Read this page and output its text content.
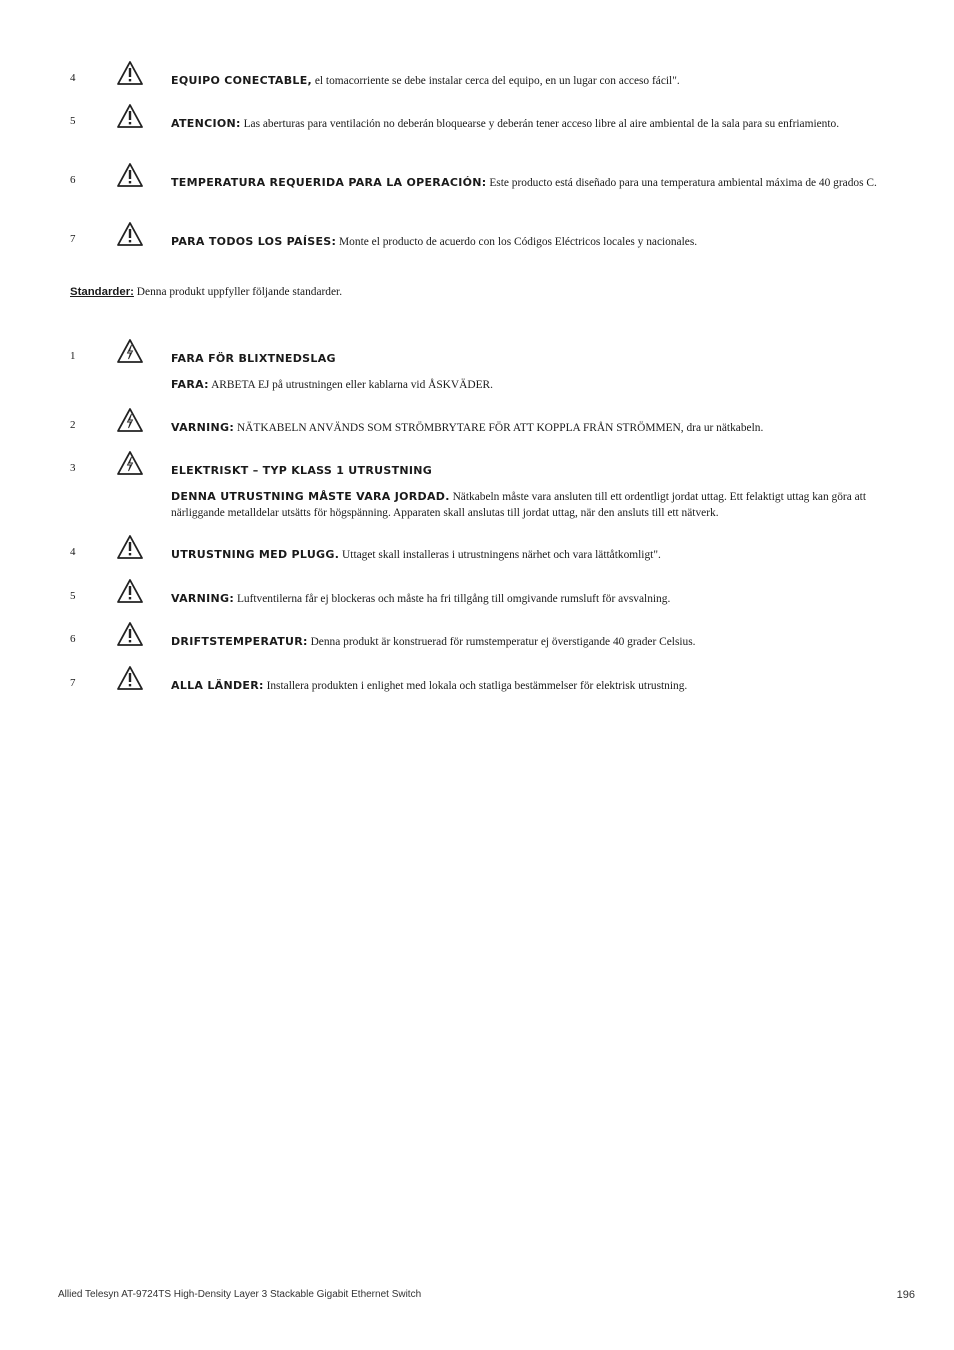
4	EQUIPO CONECTABLE, el tomacorriente se debe instalar cerca del equipo, en un lugar con acceso fácil".
5	ATENCION: Las aberturas para ventilación no deberán bloquearse y deberán tener acceso libre al aire ambiental de la sala para su enfriamiento.
6	TEMPERATURA REQUERIDA PARA LA OPERACIÓN: Este producto está diseñado para una temperatura ambiental máxima de 40 grados C.
7	PARA TODOS LOS PAÍSES: Monte el producto de acuerdo con los Códigos Eléctricos locales y nacionales.
Standarder: Denna produkt uppfyller följande standarder.
1	FARA FÖR BLIXTNEDSLAG
FARA: ARBETA EJ på utrustningen eller kablarna vid ÅSKVÄDER.
2	VARNING: NÄTKABELN ANVÄNDS SOM STRÖMBRYTARE FÖR ATT KOPPLA FRÅN STRÖMMEN, dra ur nätkabeln.
3	ELEKTRISKT – TYP KLASS 1 UTRUSTNING
DENNA UTRUSTNING MÅSTE VARA JORDAD. Nätkabeln måste vara ansluten till ett ordentligt jordat uttag. Ett felaktigt uttag kan göra att närliggande metalldelar utsätts för högspänning. Apparaten skall anslutas till jordat uttag, när den ansluts till ett nätverk.
4	UTRUSTNING MED PLUGG. Uttaget skall installeras i utrustningens närhet och vara lättåtkomligt".
5	VARNING: Luftventilerna får ej blockeras och måste ha fri tillgång till omgivande rumsluft för avsvalning.
6	DRIFTSTEMPERATUR: Denna produkt är konstruerad för rumstemperatur ej överstigande 40 grader Celsius.
7	ALLA LÄNDER: Installera produkten i enlighet med lokala och statliga bestämmelser för elektrisk utrustning.
Allied Telesyn AT-9724TS High-Density Layer 3 Stackable Gigabit Ethernet Switch	196
